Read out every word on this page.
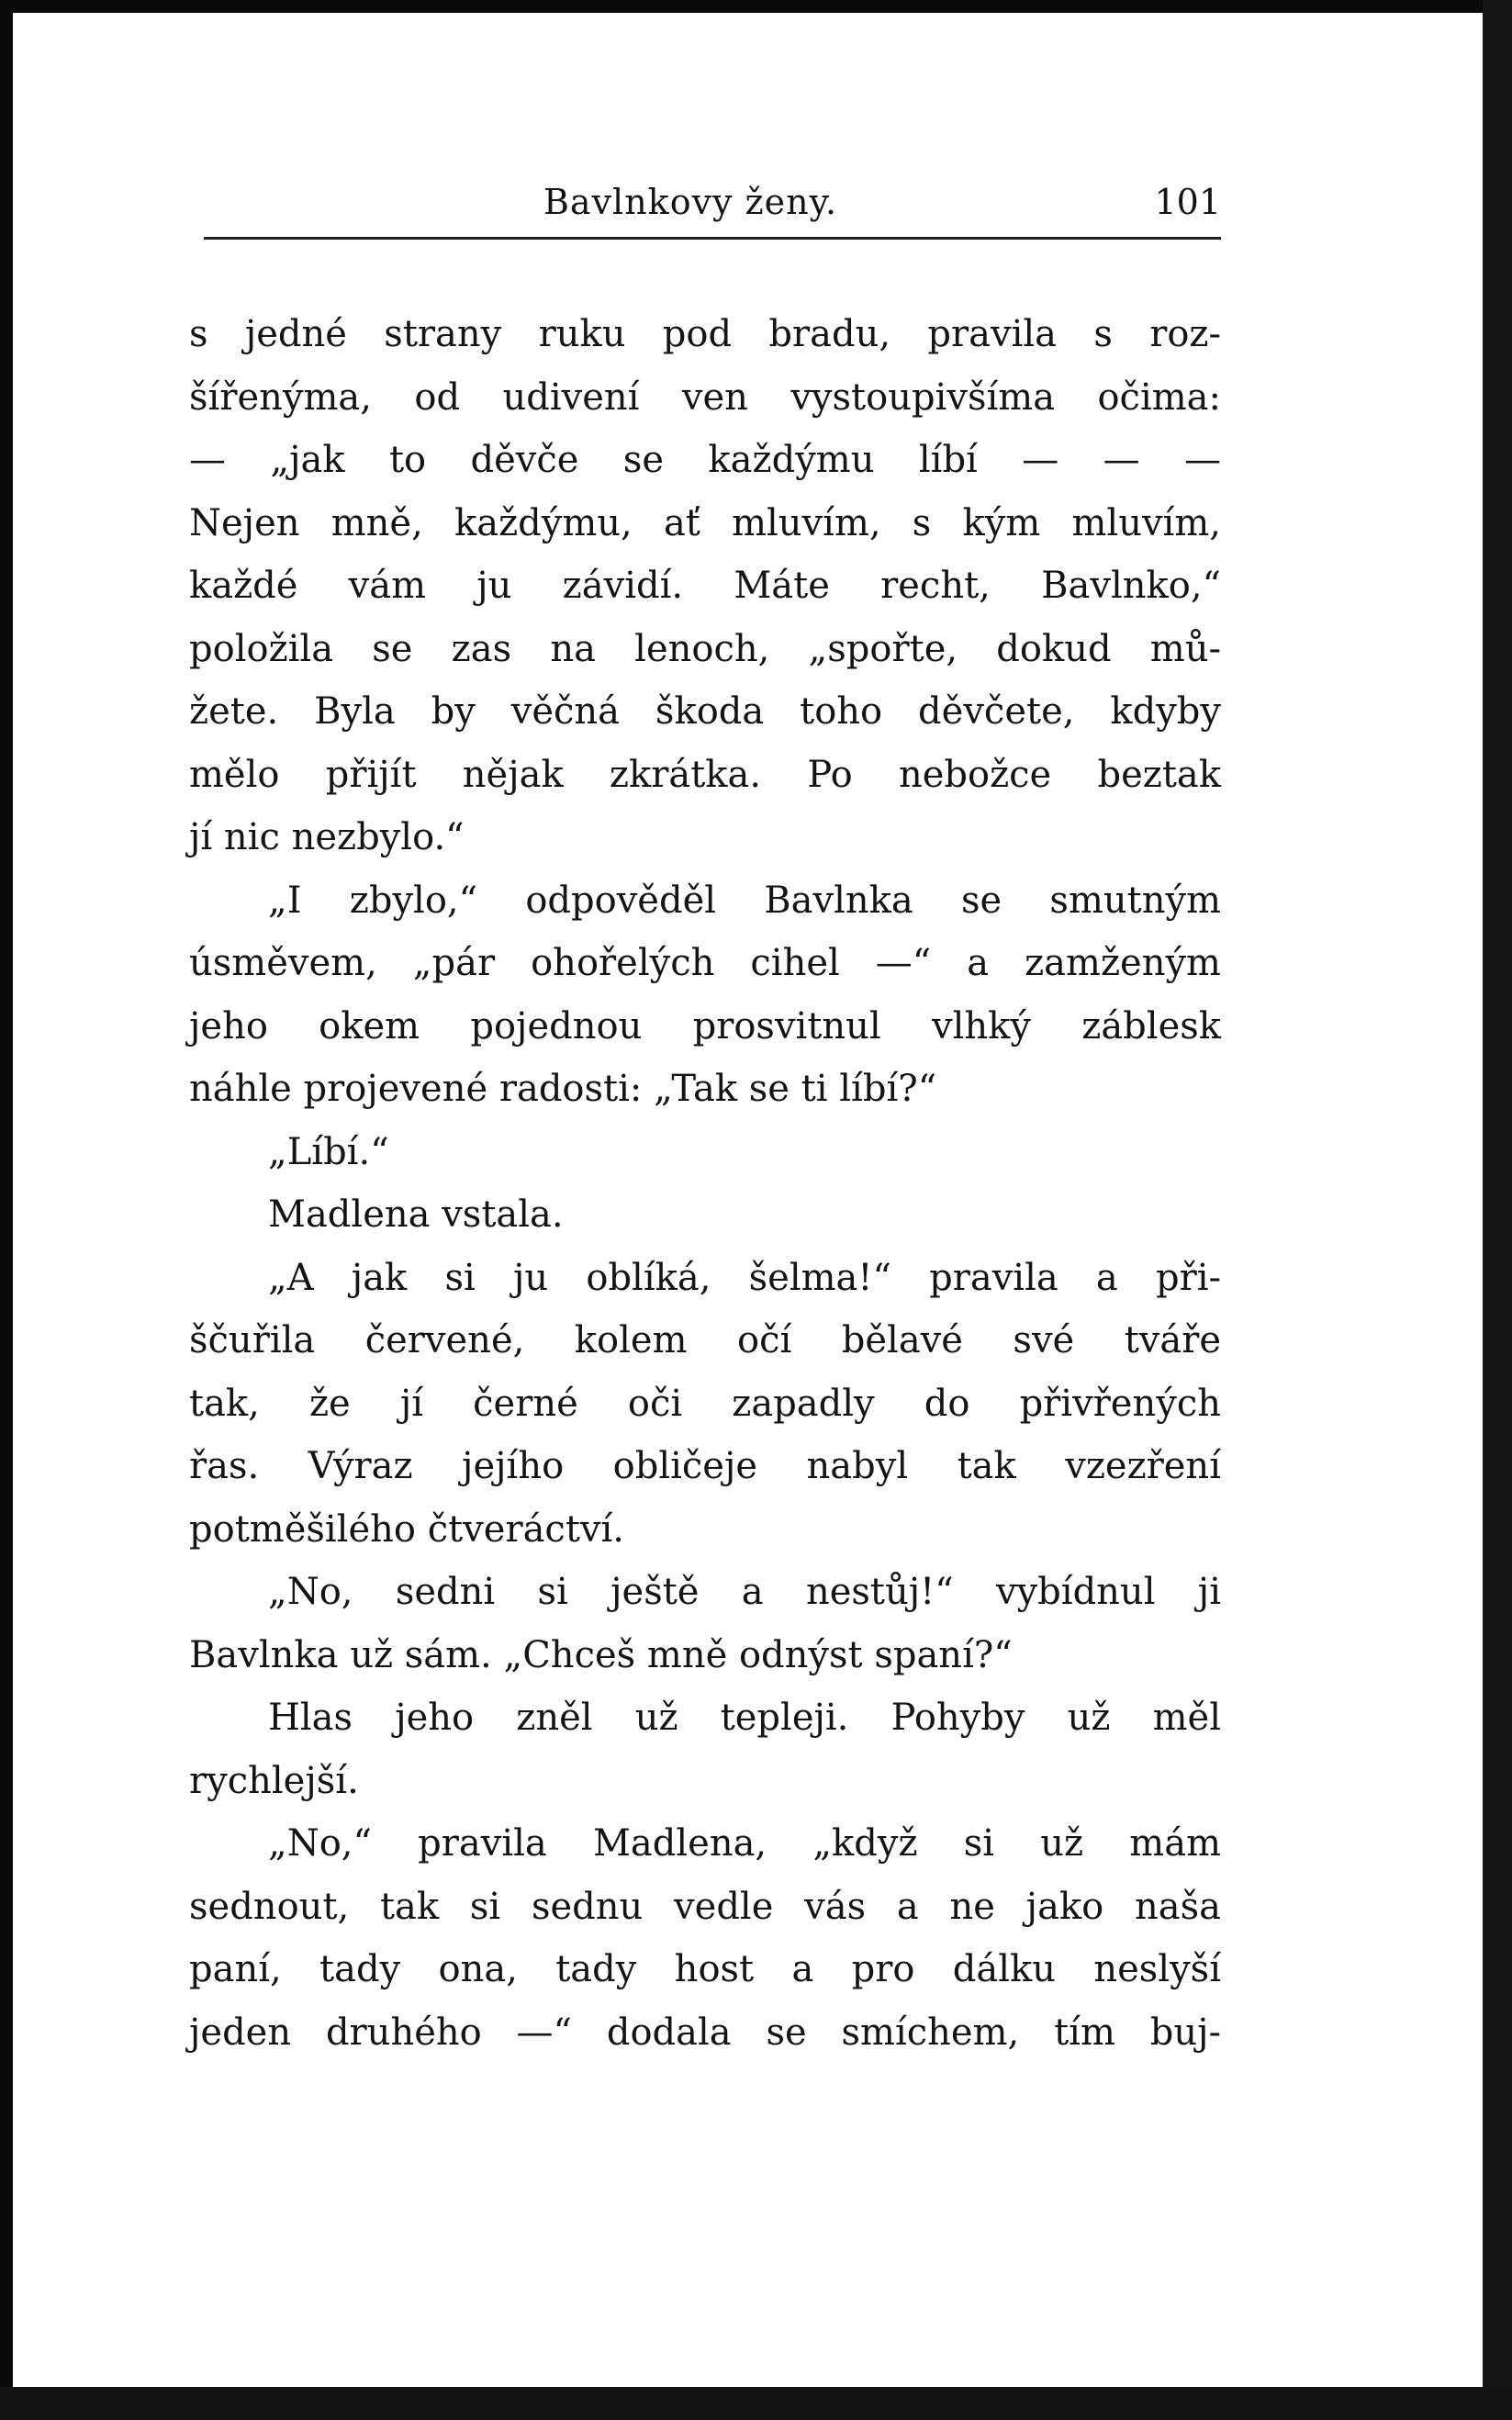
Bavlnkovy ženy.	101
s jedné strany ruku pod bradu, pravila s roz-
šířenýma, od udivení ven vystoupivšíma očima:
— „jak to děvče se každýmu líbí — — —
Nejen mně, každýmu, ať mluvím, s kým mluvím,
každé vám ju závidí. Máte recht, Bavlnko,“
položila se zas na lenoch, „spořte, dokud mů-
žete. Byla by věčná škoda toho děvčete, kdyby
mělo přijít nějak zkrátka. Po nebožce beztak
jí nic nezbylo.“
„I zbylo,“ odpověděl Bavlnka se smutným
úsměvem, „pár ohořelých cihel —“ a zamženým
jeho okem pojednou prosvitnul vlhký záblesk
náhle projevené radosti: „Tak se ti líbí?“
„Líbí.“
Madlena vstala.
„A jak si ju oblíká, šelma!“ pravila a při-
ščuřila červené, kolem očí bělavé své tváře
tak, že jí černé oči zapadly do přivřených
řas. Výraz jejího obličeje nabyl tak vzezření
potměšilého čtveráctví.
„No, sedni si ještě a nestůj!“ vybídnul ji
Bavlnka už sám. „Chceš mně odnýst spaní?“
Hlas jeho zněl už tepleji. Pohyby už měl
rychlejší.
„No,“ pravila Madlena, „když si už mám
sednout, tak si sednu vedle vás a ne jako naša
paní, tady ona, tady host a pro dálku neslyší
jeden druhého —“ dodala se smíchem, tím buj-
